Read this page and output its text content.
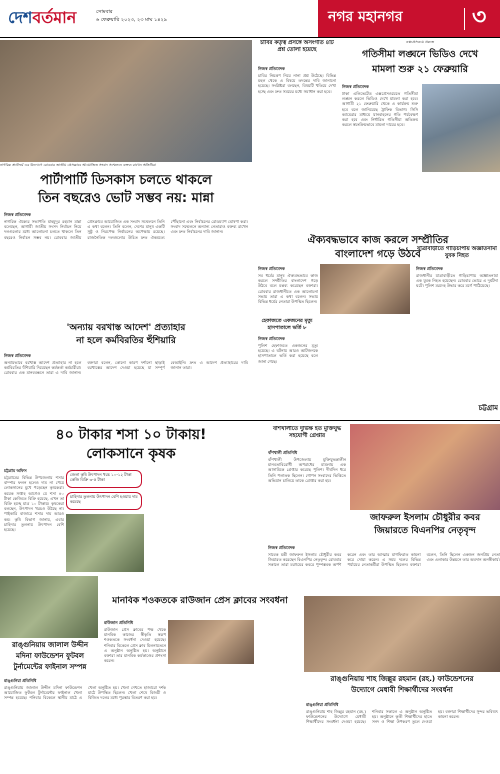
দেশবর্তমান	সোমবার
৬ ফেব্রুয়ারি ২০২৩, ২৩ মাঘ ১৪২৯	নগর মহানগর	৩
নাগরিক প্ল্যাটফর্ম এর উদ্যোগে রোববার জাতীয় প্রেসক্লাবে আয়োজিত সংবাদ সম্মেলনে বক্তব্য রাখেন অতিথিরা
পার্টাপার্টি ডিসকাস চলতে থাকলে
তিন বছরেও ভোট সম্ভব নয়: মান্না
নিজস্ব প্রতিবেদক
নাগরিক ঐক্যের সভাপতি মাহমুদুর রহমান মান্না বলেছেন, আগামী জাতীয় সংসদ নির্বাচন নিয়ে দলগুলোর মধ্যে আলোচনা চলতে থাকলে তিন বছরেও নির্বাচন সম্ভব নয়। রোববার জাতীয় প্রেসক্লাবে আয়োজিত এক সংবাদ সম্মেলনে তিনি এ কথা বলেন। তিনি বলেন, দেশের মানুষ একটি সুষ্ঠু ও নিরপেক্ষ নির্বাচনের অপেক্ষায় রয়েছে। রাজনৈতিক দলগুলোর উচিত দ্রুত ঐকমত্যে পৌঁছানো এবং নির্বাচনের রোডম্যাপ ঘোষণা করা। সংবাদ সম্মেলনে অন্যান্য নেতারাও বক্তব্য রাখেন এবং দ্রুত নির্বাচনের দাবি জানান।
'অন্যায় বরখাস্ত আদেশ' প্রত্যাহার
না হলে কর্মবিরতির হুঁশিয়ারি
নিজস্ব প্রতিবেদক
অন্যায়ভাবে বরখাস্ত আদেশ প্রত্যাহার না হলে কর্মবিরতির হুঁশিয়ারি দিয়েছেন কর্মকর্তা কর্মচারীরা। রোববার এক মানববন্ধনে তারা এ দাবি জানান। বক্তারা বলেন, কোনো কারণ দর্শানো ছাড়াই বরখাস্তের আদেশ দেওয়া হয়েছে যা সম্পূর্ণ বেআইনি। দ্রুত এ আদেশ প্রত্যাহারের দাবি জানান তারা।
চাবির কর্তৃত্ব প্রসঙ্গে অসংগতি ৪টি প্রশ্ন তোলা হয়েছে
নিজস্ব প্রতিবেদক
চাবির নিয়ন্ত্রণ নিয়ে নানা প্রশ্ন উঠেছে। বিভিন্ন মহল থেকে এ বিষয়ে তদন্তের দাবি জানানো হয়েছে। সংশ্লিষ্টরা বলছেন, বিষয়টি খতিয়ে দেখা হচ্ছে এবং দ্রুত সময়ের মধ্যে সমাধান করা হবে।
এক্সপ্রেসওয়ে প্রকল্পে
গতিসীমা লঙ্ঘনে ভিডিও দেখে
মামলা শুরু ২১ ফেব্রুয়ারি
নিজস্ব প্রতিবেদক
ঢাকা এলিভেটেড এক্সপ্রেসওয়েতে গতিসীমা লঙ্ঘন করলে ভিডিও দেখে মামলা করা হবে। আগামী ২১ ফেব্রুয়ারি থেকে এ কার্যক্রম শুরু হবে বলে জানিয়েছে ট্রাফিক বিভাগ। সিসি ক্যামেরার মাধ্যমে যানবাহনের গতি পর্যবেক্ষণ করা হবে এবং নির্ধারিত গতিসীমা অতিক্রম করলে স্বয়ংক্রিয়ভাবে মামলা দায়ের হবে।
ঐক্যবদ্ধভাবে কাজ করলে সম্প্রীতির
বাংলাদেশ গড়ে উঠবে
নিজস্ব প্রতিবেদক
সব ধর্মের মানুষ ঐক্যবদ্ধভাবে কাজ করলে সম্প্রীতির বাংলাদেশ গড়ে উঠবে বলে মন্তব্য করেছেন বক্তারা। রোববার রাজধানীতে এক আলোচনা সভায় তারা এ কথা বলেন। সভায় বিভিন্ন ধর্মের নেতারা উপস্থিত ছিলেন।
হেফাজতে একজনের মৃত্যু হাসপাতালে ভর্তি ৮
নিজস্ব প্রতিবেদক
পুলিশ হেফাজতে একজনের মৃত্যু হয়েছে। এ ঘটনায় আরও আটজনকে হাসপাতালে ভর্তি করা হয়েছে বলে জানা গেছে।
যাত্রাবাড়ীতে গাড়িচাপায় অজ্ঞাতনামা যুবক নিহত
নিজস্ব প্রতিবেদক
রাজধানীর যাত্রাবাড়ীতে গাড়িচাপায় অজ্ঞাতনামা এক যুবক নিহত হয়েছেন। রোববার ভোরে এ দুর্ঘটনা ঘটে। পুলিশ মরদেহ উদ্ধার করে মর্গে পাঠিয়েছে।
চট্টগ্রাম
৪০ টাকার শসা ১০ টাকায়!
লোকসানে কৃষক
চট্টগ্রাম অফিস
চট্টগ্রামের বিভিন্ন উপজেলায় শসার বাম্পার ফলন হলেও দাম না পেয়ে লোকসানের মুখে পড়েছেন কৃষকেরা। কয়েক সপ্তাহ আগেও যে শসা ৪০ টাকা কেজিতে বিক্রি হয়েছে, এখন তা বিক্রি হচ্ছে মাত্র ১০ টাকায়। কৃষকেরা বলছেন, উৎপাদন খরচও উঠছে না। পাইকারি বাজারে শসার দাম আরও কম। কৃষি বিভাগ জানায়, এবার চাহিদার তুলনায় উৎপাদন বেশি হয়েছে।
জেলা কৃষি উৎপাদন খরচ ১০-১২ টাকা কেজি বিক্রি ৩-৫ টাকা
চাহিদার তুলনায় উৎপাদন বেশি হওয়ায় দাম কমেছে
বাঁশখালীতে দুর্ভিক্ষ হত মুক্তিযুদ্ধ সহযোগী গ্রেপ্তার
বাঁশখালী প্রতিনিধি
বাঁশখালী উপজেলায় মুক্তিযুদ্ধকালীন মানবতাবিরোধী অপরাধের মামলায় এক আসামিকে গ্রেপ্তার করেছে পুলিশ। দীর্ঘদিন ধরে তিনি পলাতক ছিলেন। গোপন সংবাদের ভিত্তিতে অভিযান চালিয়ে তাকে গ্রেপ্তার করা হয়।
জাফরুল ইসলাম চৌধুরীর কবর
জিয়ারতে বিএনপির নেতৃবৃন্দ
নিজস্ব প্রতিবেদক
সাবেক মন্ত্রী জাফরুল ইসলাম চৌধুরীর কবর জিয়ারত করেছেন বিএনপির নেতৃবৃন্দ। রোববার সকালে তারা মরহুমের কবরে পুষ্পস্তবক অর্পণ করেন এবং তার আত্মার মাগফিরাত কামনা করে দোয়া করেন। এ সময় দলের বিভিন্ন পর্যায়ের নেতাকর্মীরা উপস্থিত ছিলেন। বক্তারা বলেন, তিনি ছিলেন একজন জনপ্রিয় নেতা এবং এলাকার উন্নয়নে তার অবদান অনস্বীকার্য।
মানবিক শওকতকে রাউজান প্রেস ক্লাবের সংবর্ধনা
রাউজান প্রতিনিধি
রাউজান প্রেস ক্লাবের পক্ষ থেকে মানবিক কাজের স্বীকৃতি স্বরূপ শওকতকে সংবর্ধনা দেওয়া হয়েছে। শনিবার বিকেলে প্রেস ক্লাব মিলনায়তনে এ অনুষ্ঠান অনুষ্ঠিত হয়। অনুষ্ঠানে বক্তারা তার মানবিক কর্মকাণ্ডের প্রশংসা করেন।
রাঙ্গুনিয়ায় জালাল উদ্দীন
মদিনা ফাউন্ডেশন ফুটবল
টুর্নামেন্টের ফাইনাল সম্পন্ন
রাঙ্গুনিয়া প্রতিনিধি
রাঙ্গুনিয়ায় জালাল উদ্দীন মদিনা ফাউন্ডেশন আয়োজিত ফুটবল টুর্নামেন্টের ফাইনাল খেলা সম্পন্ন হয়েছে। শনিবার বিকেলে স্থানীয় মাঠে এ খেলা অনুষ্ঠিত হয়। খেলা দেখতে হাজারো দর্শক মাঠে উপস্থিত ছিলেন। খেলা শেষে বিজয়ী ও বিজিত দলের মধ্যে পুরস্কার বিতরণ করা হয়।
রাঙ্গুনিয়ায় শাহ জিল্লুর রহমান (রহ.) ফাউন্ডেশনের
উদ্যোগে মেধাবী শিক্ষার্থীদের সংবর্ধনা
রাঙ্গুনিয়া প্রতিনিধি
রাঙ্গুনিয়ায় শাহ জিল্লুর রহমান (রহ.) ফাউন্ডেশনের উদ্যোগে মেধাবী শিক্ষার্থীদের সংবর্ধনা দেওয়া হয়েছে। শনিবার সকালে এ অনুষ্ঠান অনুষ্ঠিত হয়। অনুষ্ঠানে কৃতী শিক্ষার্থীদের হাতে সনদ ও শিক্ষা উপকরণ তুলে দেওয়া হয়। বক্তারা শিক্ষার্থীদের সুন্দর ভবিষ্যৎ কামনা করেন।
